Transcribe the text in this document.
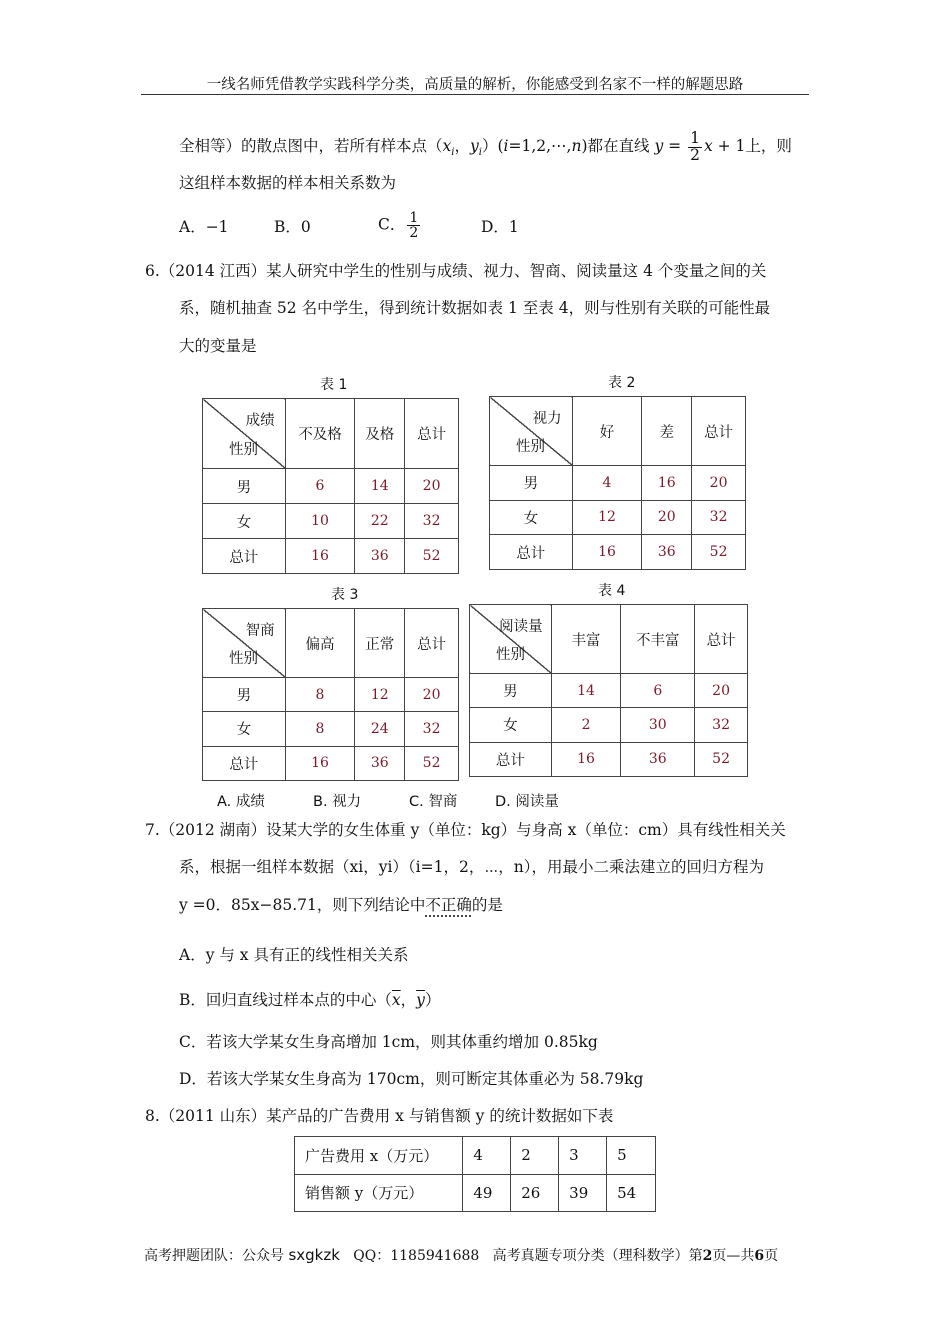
一线名师凭借教学实践科学分类，高质量的解析，你能感受到名家不一样的解题思路
全相等）的散点图中，若所有样本点（$x_i$，$y_i)(i=1,2,\cdots,n)$都在直线 $y = \frac{1}{2}$ x + 1上，则
这组样本数据的样本相关系数为
A．−1	B．0	C． $\frac{1}{2}$	D．1
6.（2014 江西）某人研究中学生的性别与成绩、视力、智商、阅读量这 4 个变量之间的关
系，随机抽查 52 名中学生，得到统计数据如表 1 至表 4，则与性别有关联的可能性最
大的变量是
表 1	表 2
表 3	表 4
成绩
性别	不及格	及格	总计
男	6	14	20
女	10	22	32
总计	16	36	52
视力
性别	好	差	总计
男	4	16	20
女	12	20	32
总计	16	36	52
智商
性别	偏高	正常	总计
男	8	12	20
女	8	24	32
总计	16	36	52
阅读量
性别	丰富	不丰富	总计
男	14	6	20
女	2	30	32
总计	16	36	52
A. 成绩	B. 视力	C. 智商	D. 阅读量
7.（2012 湖南）设某大学的女生体重 y（单位：kg）与身高 x（单位：cm）具有线性相关关
系，根据一组样本数据（xi，yi）（i=1，2，⋯，n），用最小二乘法建立的回归方程为
y =0．85x−85.71，则下列结论中不正确的是
A．y 与 x 具有正的线性相关关系
B．回归直线过样本点的中心（$\overline{x}$，$\overline{y}$）
C．若该大学某女生身高增加 1cm，则其体重约增加 0.85kg
D．若该大学某女生身高为 170cm，则可断定其体重必为 58.79kg
8.（2011 山东）某产品的广告费用 x 与销售额 y 的统计数据如下表
广告费用 x（万元）	4	2	3	5
销售额 y（万元）	49	26	39	54
高考押题团队：公众号 sxgkzk QQ：1185941688 高考真题专项分类（理科数学）第2页—共6页
